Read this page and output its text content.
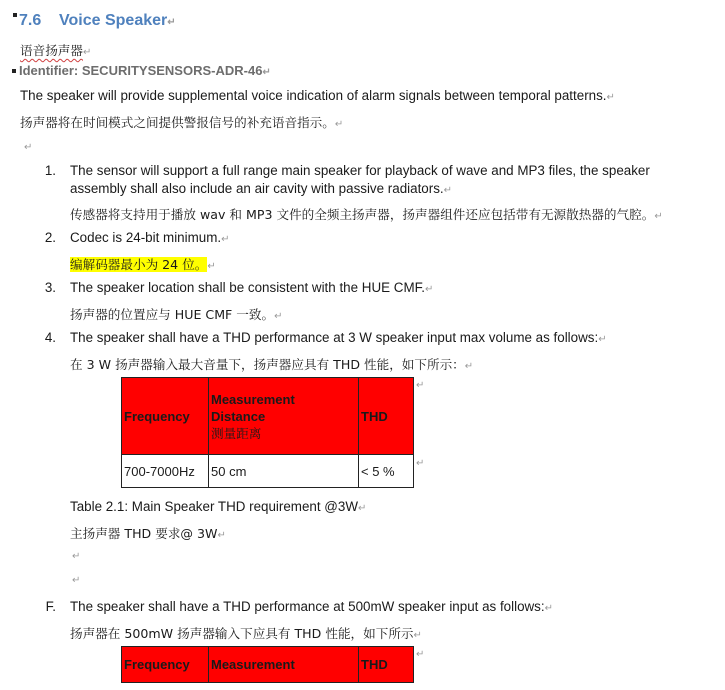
7.6 Voice Speaker↵
语音扬声器↵
Identifier: SECURITYSENSORS-ADR-46↵
The speaker will provide supplemental voice indication of alarm signals between temporal patterns.↵
扬声器将在时间模式之间提供警报信号的补充语音指示。↵
↵
1. The sensor will support a full range main speaker for playback of wave and MP3 files, the speaker
assembly shall also include an air cavity with passive radiators.↵
传感器将支持用于播放 wav 和 MP3 文件的全频主扬声器，扬声器组件还应包括带有无源散热器的气腔。↵
2. Codec is 24-bit minimum.↵
编解码器最小为 24 位。↵
3. The speaker location shall be consistent with the HUE CMF.↵
扬声器的位置应与 HUE CMF 一致。↵
4. The speaker shall have a THD performance at 3 W speaker input max volume as follows:↵
在 3 W 扬声器输入最大音量下，扬声器应具有 THD 性能，如下所示：↵
Frequency	Measurement
Distance
测量距离	THD
700-7000Hz	50 cm	< 5 %
↵
↵
Table 2.1: Main Speaker THD requirement @3W↵
主扬声器 THD 要求@ 3W↵
↵
↵
F. The speaker shall have a THD performance at 500mW speaker input as follows:↵
扬声器在 500mW 扬声器输入下应具有 THD 性能，如下所示↵
Frequency	Measurement	THD
↵
